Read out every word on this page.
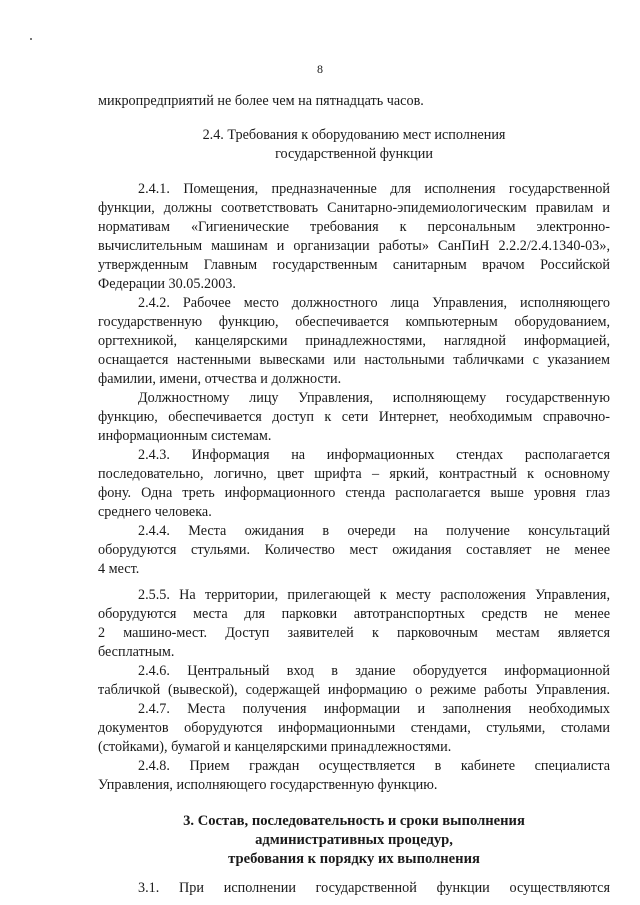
8
микропредприятий не более чем на пятнадцать часов.
2.4. Требования к оборудованию мест исполнения
государственной функции
2.4.1. Помещения, предназначенные для исполнения государственной
функции, должны соответствовать Санитарно-эпидемиологическим правилам и
нормативам «Гигиенические требования к персональным электронно-
вычислительным машинам и организации работы» СанПиН 2.2.2/2.4.1340-03»,
утвержденным Главным государственным санитарным врачом Российской
Федерации 30.05.2003.
2.4.2. Рабочее место должностного лица Управления, исполняющего
государственную функцию, обеспечивается компьютерным оборудованием,
оргтехникой, канцелярскими принадлежностями, наглядной информацией,
оснащается настенными вывесками или настольными табличками с указанием
фамилии, имени, отчества и должности.
Должностному лицу Управления, исполняющему государственную
функцию, обеспечивается доступ к сети Интернет, необходимым справочно-
информационным системам.
2.4.3. Информация на информационных стендах располагается
последовательно, логично, цвет шрифта – яркий, контрастный к основному
фону. Одна треть информационного стенда располагается выше уровня глаз
среднего человека.
2.4.4. Места ожидания в очереди на получение консультаций
оборудуются стульями. Количество мест ожидания составляет не менее
4 мест.
2.5.5. На территории, прилегающей к месту расположения Управления,
оборудуются места для парковки автотранспортных средств не менее
2 машино-мест. Доступ заявителей к парковочным местам является
бесплатным.
2.4.6. Центральный вход в здание оборудуется информационной
табличкой (вывеской), содержащей информацию о режиме работы Управления.
2.4.7. Места получения информации и заполнения необходимых
документов оборудуются информационными стендами, стульями, столами
(стойками), бумагой и канцелярскими принадлежностями.
2.4.8. Прием граждан осуществляется в кабинете специалиста
Управления, исполняющего государственную функцию.
3. Состав, последовательность и сроки выполнения
административных процедур,
требования к порядку их выполнения
3.1. При исполнении государственной функции осуществляются
